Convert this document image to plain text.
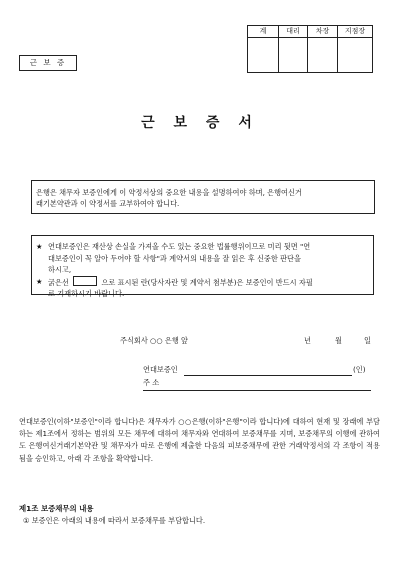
계	대리	차장	지점장

근 보 증
근 보 증 서
은행은 채무자 보증인에게 이 약정서상의 중요한 내용을 설명하여야 하며, 은행여신거
래기본약관과 이 약정서를 교부하여야 합니다.
★ 연대보증인은 재산상 손실을 가져올 수도 있는 중요한 법률행위이므로 미리 뒷면 "연
대보증인이 꼭 알아 두어야 할 사항"과 계약서의 내용을 잘 읽은 후 신중한 판단을
하시고,
★ 굵은선	으로 표시된 란(당사자란 및 계약서 첨부분)은 보증인이 반드시 자필
로 기재하시기 바랍니다.
주식회사 ○○ 은행 앞	년	월	일
연대보증인	(인)
주 소
연대보증인(이하"보증인"이라 합니다)은 채무자가 ○○은행(이하"은행"이라 합니다)에 대하여 현재 및 장래에 부담하는 제1조에서 정하는 범위의 모든 채무에 대하여 채무자와 연대하여 보증채무를 지며, 보증채무의 이행에 관하여도 은행여신거래기본약관 및 채무자가 따로 은행에 제출한 다음의 피보증채무에 관한 거래약정서의 각 조항이 적용됨을 승인하고, 아래 각 조항을 확약합니다.
제1조 보증채무의 내용
① 보증인은 아래의 내용에 따라서 보증채무를 부담합니다.
